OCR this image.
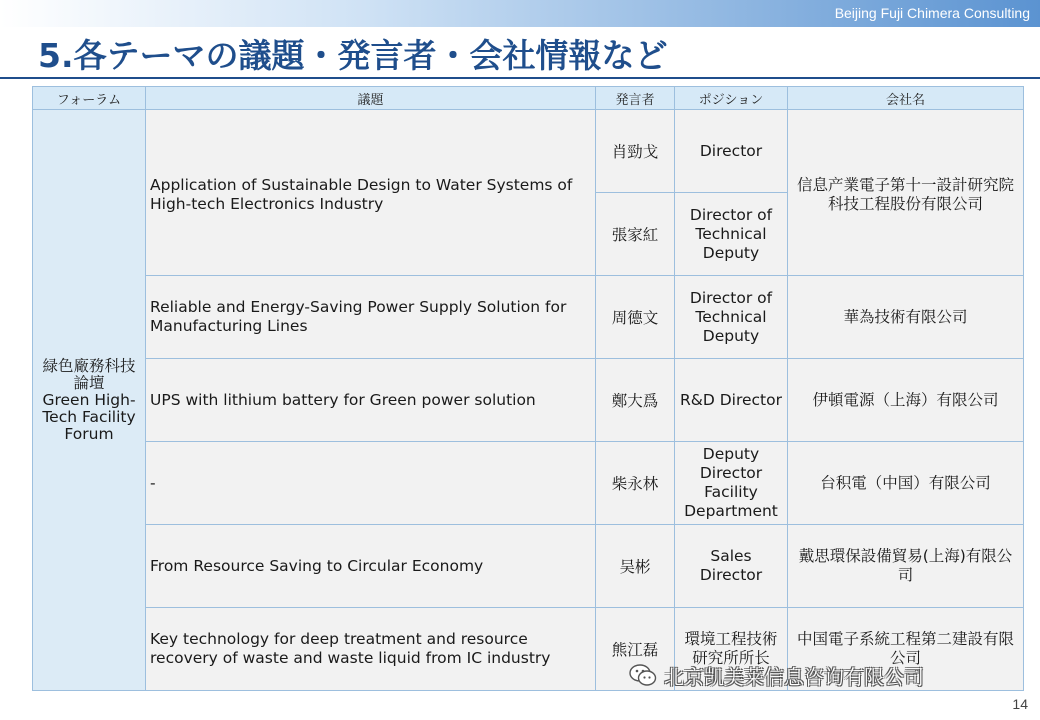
Beijing Fuji Chimera Consulting
5.各テーマの議題・発言者・会社情報など
フォーラム	議題	発言者	ポジション	会社名

緑色廠務科技論壇
Green High-Tech Facility Forum	Application of Sustainable Design to Water Systems of High-tech Electronics Industry	肖勁戈	Director	信息产業電子第十一設計研究院科技工程股份有限公司
		張家紅	Director of Technical Deputy	
	Reliable and Energy-Saving Power Supply Solution for Manufacturing Lines	周德文	Director of Technical Deputy	華為技術有限公司
	UPS with lithium battery for Green power solution	鄭大爲	R&D Director	伊頓電源（上海）有限公司
	-	柴永林	Deputy Director Facility Department	台积電（中国）有限公司
	From Resource Saving to Circular Economy	吴彬	Sales Director	戴思環保設備貿易(上海)有限公司
	Key technology for deep treatment and resource recovery of waste and waste liquid from IC industry	熊江磊	環境工程技術研究所所长	中国電子系統工程第二建設有限公司
北京凯美莱信息咨询有限公司
14
